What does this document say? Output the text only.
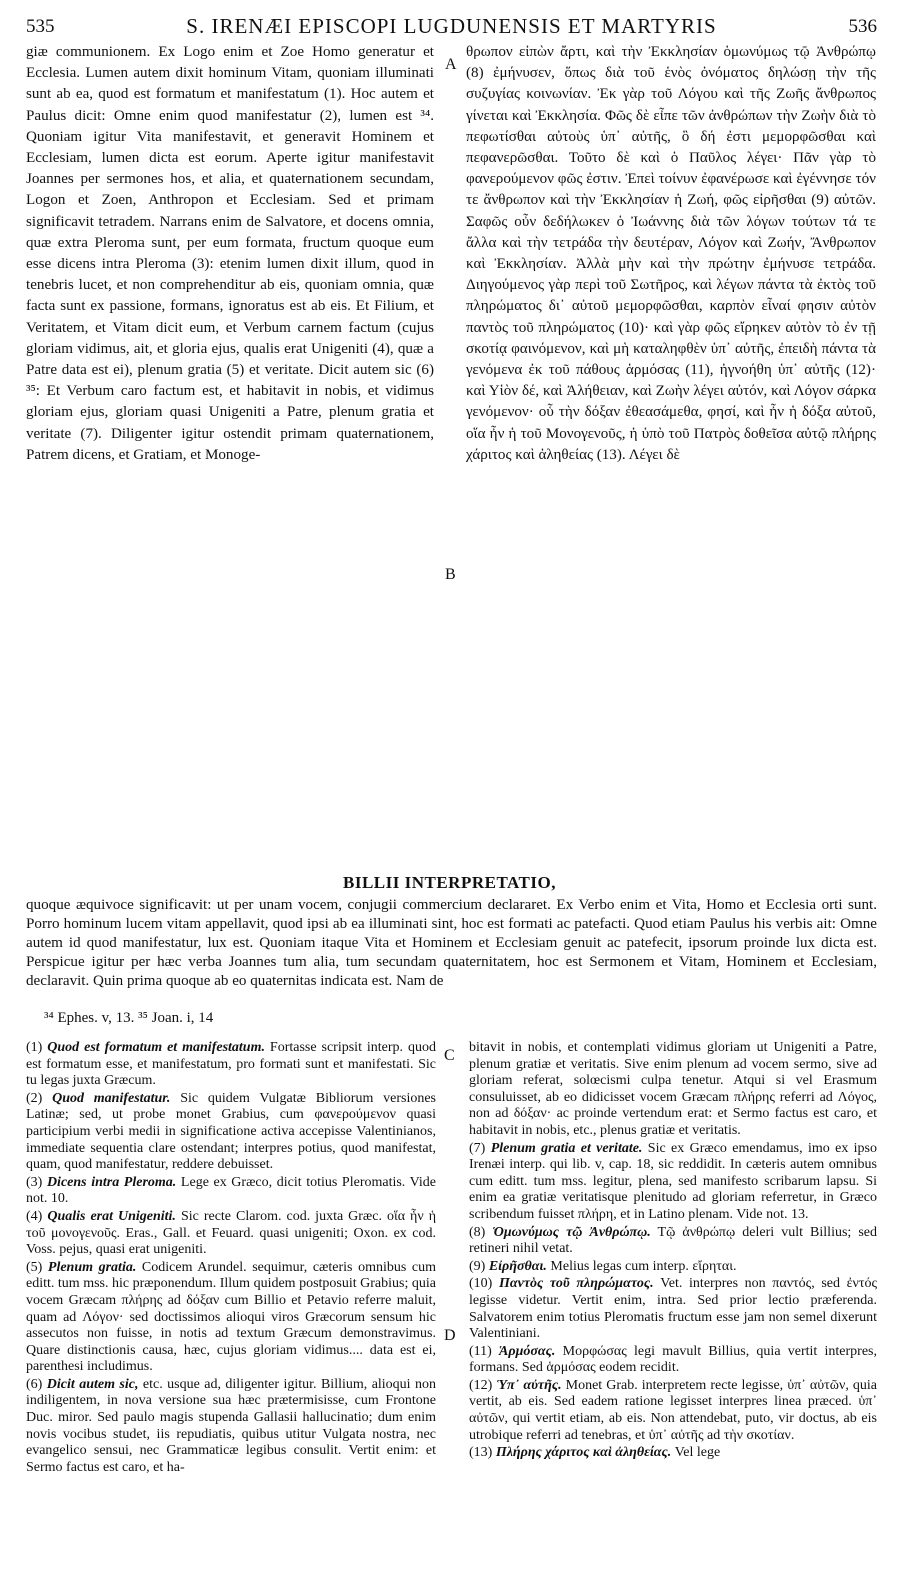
535	S. IRENÆI EPISCOPI LUGDUNENSIS ET MARTYRIS	536
giæ communionem. Ex Logo enim et Zoe Homo generatur et Ecclesia. Lumen autem dixit hominum Vitam, quoniam illuminati sunt ab ea, quod est formatum et manifestatum (1). Hoc autem et Paulus dicit: Omne enim quod manifestatur (2), lumen est ³⁴. Quoniam igitur Vita manifestavit, et generavit Hominem et Ecclesiam, lumen dicta est eorum. Aperte igitur manifestavit Joannes per sermones hos, et alia, et quaternationem secundam, Logon et Zoen, Anthropon et Ecclesiam. Sed et primam significavit tetradem. Narrans enim de Salvatore, et docens omnia, quæ extra Pleroma sunt, per eum formata, fructum quoque eum esse dicens intra Pleroma (3): etenim lumen dixit illum, quod in tenebris lucet, et non comprehenditur ab eis, quoniam omnia, quæ facta sunt ex passione, formans, ignoratus est ab eis. Et Filium, et Veritatem, et Vitam dicit eum, et Verbum carnem factum (cujus gloriam vidimus, ait, et gloria ejus, qualis erat Unigeniti (4), quæ a Patre data est ei), plenum gratia (5) et veritate. Dicit autem sic (6) ³⁵: Et Verbum caro factum est, et habitavit in nobis, et vidimus gloriam ejus, gloriam quasi Unigeniti a Patre, plenum gratia et veritate (7). Diligenter igitur ostendit primam quaternationem, Patrem dicens, et Gratiam, et Monoge-
θρωπον εἰπὼν ἄρτι, καὶ τὴν Ἐκκλησίαν ὁμωνύμως τῷ Ἀνθρώπῳ (8) ἐμήνυσεν, ὅπως διὰ τοῦ ἑνὸς ὀνόματος δηλώσῃ τὴν τῆς συζυγίας κοινωνίαν. Ἐκ γὰρ τοῦ Λόγου καὶ τῆς Ζωῆς ἄνθρωπος γίνεται καὶ Ἐκκλησία. Φῶς δὲ εἶπε τῶν ἀνθρώπων τὴν Ζωὴν διὰ τὸ πεφωτίσθαι αὐτοὺς ὑπ᾽ αὐτῆς, ὃ δή ἐστι μεμορφῶσθαι καὶ πεφανερῶσθαι. Τοῦτο δὲ καὶ ὁ Παῦλος λέγει· Πᾶν γὰρ τὸ φανερούμενον φῶς ἐστιν. Ἐπεὶ τοίνυν ἐφανέρωσε καὶ ἐγέννησε τόν τε ἄνθρωπον καὶ τὴν Ἐκκλησίαν ἡ Ζωή, φῶς εἰρῆσθαι (9) αὐτῶν. Σαφῶς οὖν δεδήλωκεν ὁ Ἰωάννης διὰ τῶν λόγων τούτων τά τε ἄλλα καὶ τὴν τετράδα τὴν δευτέραν, Λόγον καὶ Ζωήν, Ἄνθρωπον καὶ Ἐκκλησίαν. Ἀλλὰ μὴν καὶ τὴν πρώτην ἐμήνυσε τετράδα. Διηγούμενος γὰρ περὶ τοῦ Σωτῆρος, καὶ λέγων πάντα τὰ ἐκτὸς τοῦ πληρώματος δι᾽ αὐτοῦ μεμορφῶσθαι, καρπὸν εἶναί φησιν αὐτὸν παντὸς τοῦ πληρώματος (10)· καὶ γὰρ φῶς εἴρηκεν αὐτὸν τὸ ἐν τῇ σκοτίᾳ φαινόμενον, καὶ μὴ καταληφθὲν ὑπ᾽ αὐτῆς, ἐπειδὴ πάντα τὰ γενόμενα ἐκ τοῦ πάθους ἁρμόσας (11), ἠγνοήθη ὑπ᾽ αὐτῆς (12)· καὶ Υἱὸν δέ, καὶ Ἀλήθειαν, καὶ Ζωὴν λέγει αὐτόν, καὶ Λόγον σάρκα γενόμενον· οὗ τὴν δόξαν ἐθεασάμεθα, φησί, καὶ ἦν ἡ δόξα αὐτοῦ, οἵα ἦν ἡ τοῦ Μονογενοῦς, ἡ ὑπὸ τοῦ Πατρὸς δοθεῖσα αὐτῷ πλήρης χάριτος καὶ ἀληθείας (13). Λέγει δὲ
A
B
C
D
BILLII INTERPRETATIO,
quoque æquivoce significavit: ut per unam vocem, conjugii commercium declararet. Ex Verbo enim et Vita, Homo et Ecclesia orti sunt. Porro hominum lucem vitam appellavit, quod ipsi ab ea illuminati sint, hoc est formati ac patefacti. Quod etiam Paulus his verbis ait: Omne autem id quod manifestatur, lux est. Quoniam itaque Vita et Hominem et Ecclesiam genuit ac patefecit, ipsorum proinde lux dicta est. Perspicue igitur per hæc verba Joannes tum alia, tum secundam quaternitatem, hoc est Sermonem et Vitam, Hominem et Ecclesiam, declaravit. Quin prima quoque ab eo quaternitas indicata est. Nam de
³⁴ Ephes. v, 13. ³⁵ Joan. i, 14

(1) Quod est formatum et manifestatum. Fortasse scripsit interp. quod est formatum esse, et manifestatum, pro formati sunt et manifestati. Sic tu legas juxta Græcum.

(2) Quod manifestatur. Sic quidem Vulgatæ Bibliorum versiones Latinæ; sed, ut probe monet Grabius, cum φανερούμενον quasi participium verbi medii in significatione activa accepisse Valentinianos, immediate sequentia clare ostendant; interpres potius, quod manifestat, quam, quod manifestatur, reddere debuisset.

(3) Dicens intra Pleroma. Lege ex Græco, dicit totius Pleromatis. Vide not. 10.

(4) Qualis erat Unigeniti. Sic recte Clarom. cod. juxta Græc. οἵα ἦν ἡ τοῦ μονογενοῦς. Eras., Gall. et Feuard. quasi unigeniti; Oxon. ex cod. Voss. pejus, quasi erat unigeniti.

(5) Plenum gratia. Codicem Arundel. sequimur, cæteris omnibus cum editt. tum mss. hic præponendum. Illum quidem postposuit Grabius; quia vocem Græcam πλήρης ad δόξαν cum Billio et Petavio referre maluit, quam ad Λόγον· sed doctissimos alioqui viros Græcorum sensum hic assecutos non fuisse, in notis ad textum Græcum demonstravimus. Quare distinctionis causa, hæc, cujus gloriam vidimus.... data est ei, parenthesi includimus.

(6) Dicit autem sic, etc. usque ad, diligenter igitur. Billium, alioqui non indiligentem, in nova versione sua hæc prætermisisse, cum Frontone Duc. miror. Sed paulo magis stupenda Gallasii hallucinatio; dum enim novis vocibus studet, iis repudiatis, quibus utitur Vulgata nostra, nec evangelico sensui, nec Grammaticæ legibus consulit. Vertit enim: et Sermo factus est caro, et ha-

bitavit in nobis, et contemplati vidimus gloriam ut Unigeniti a Patre, plenum gratiæ et veritatis. Sive enim plenum ad vocem sermo, sive ad gloriam referat, solœcismi culpa tenetur. Atqui si vel Erasmum consuluisset, ab eo didicisset vocem Græcam πλήρης referri ad Λόγος, non ad δόξαν· ac proinde vertendum erat: et Sermo factus est caro, et habitavit in nobis, etc., plenus gratiæ et veritatis.

(7) Plenum gratia et veritate. Sic ex Græco emendamus, imo ex ipso Irenæi interp. qui lib. v, cap. 18, sic reddidit. In cæteris autem omnibus cum editt. tum mss. legitur, plena, sed manifesto scribarum lapsu. Si enim ea gratiæ veritatisque plenitudo ad gloriam referretur, in Græco scribendum fuisset πλήρη, et in Latino plenam. Vide not. 13.

(8) Ὁμωνύμως τῷ Ἀνθρώπῳ. Τῷ ἀνθρώπῳ deleri vult Billius; sed retineri nihil vetat.

(9) Εἰρῆσθαι. Melius legas cum interp. εἴρηται.

(10) Παντὸς τοῦ πληρώματος. Vet. interpres non παντός, sed ἐντός legisse videtur. Vertit enim, intra. Sed prior lectio præferenda. Salvatorem enim totius Pleromatis fructum esse jam non semel dixerunt Valentiniani.

(11) Ἁρμόσας. Μορφώσας legi mavult Billius, quia vertit interpres, formans. Sed ἁρμόσας eodem recidit.

(12) Ὑπ᾽ αὐτῆς. Monet Grab. interpretem recte legisse, ὑπ᾽ αὐτῶν, quia vertit, ab eis. Sed eadem ratione legisset interpres linea præced. ὑπ᾽ αὐτῶν, qui vertit etiam, ab eis. Non attendebat, puto, vir doctus, ab eis utrobique referri ad tenebras, et ὑπ᾽ αὐτῆς ad τὴν σκοτίαν.

(13) Πλήρης χάριτος καὶ ἀληθείας. Vel lege
